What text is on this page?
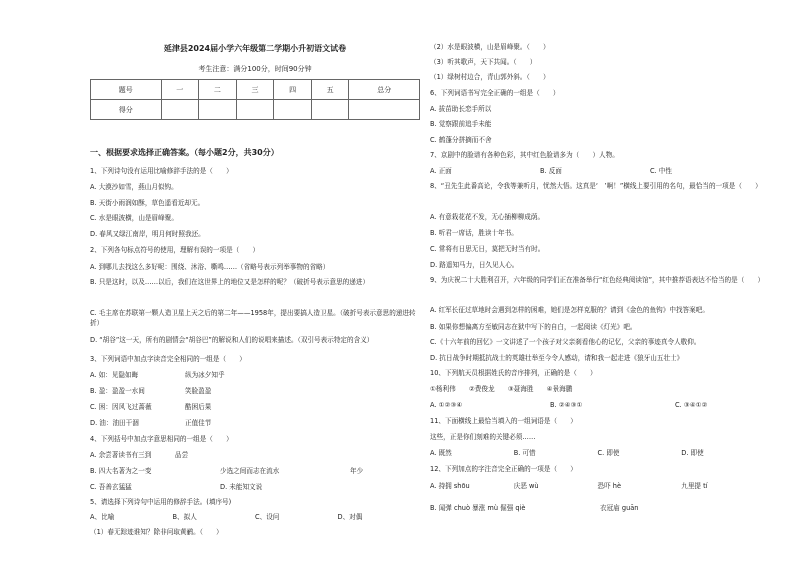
延津县2024届小学六年级第二学期小升初语文试卷
考生注意：满分100分，时间90分钟
题号	一	二	三	四	五	总分
得分						
一、根据要求选择正确答案。（每小题2分，共30分）
1、下列诗句没有运用比喻修辞手法的是（　　）
A. 大漠沙如雪，燕山月似钩。
B. 天街小雨润如酥，草色遥看近却无。
C. 水是眼波横，山是眉峰聚。
D. 春风又绿江南岸，明月何时照我还。
2、下列各句标点符号的使用，理解有误的一项是（　　）
A. 到哪儿去找这么多好呢：围绕、沐浴、嘶鸣……（省略号表示列举事物的省略）
B. 只是这时，以及……以后，我们在这世界上的地位又是怎样的呢？（破折号表示意思的递进）
C. 毛主席在苏联第一颗人造卫星上天之后的第二年——1958年，提出要搞人造卫星。（破折号表示意思的递进转折）
D. “胡谷”这一天，所有的剧情会“胡谷巴”的解说和人们的说唱来描述。（双引号表示特定的含义）
3、下列词语中加点字读音完全相同的一组是（　　）
A. 如：见隐如晦	纵为冰夕知乎
B. 盈：盈盈一水间	笑脸盈盈
C. 困：因风飞过蔷薇	酷困后果
D. 油：油田干涸	正值佳节
4、下列括号中加点字意思相同的一组是（　　）
A. 余尝著读书有三到	品尝
B. 四大名著为之一变	少选之间而志在流水	年少
C. 吾善玄猛猛	D. 未能知文说
5、请选择下列诗句中运用的修辞手法。(填序号)
A、比喻	B、拟人	C、设问	D、对偶
（1）春无踪迹谁知？除非问取黄鹂。（　　）
（2）水是眼波横，山是眉峰聚。（　　）
（3）听其歌声，天下共闻。（　　）
（1）绿树村边合，青山郭外斜。（　　）
6、下列词语书写完全正确的一组是（　　）
A. 拔苗助长恋手所以
B. 觉察跟前追手未能
C. 鹤蓬分拼摘而不舍
7、京剧中的脸谱有各种色彩，其中红色脸谱多为（　　）人物。
A. 正面	B. 反面	C. 中性
8、“丑先生此番高论，令我等兼听月，忧然大悟。这真是‘　’啊！”横线上要引用的名句，最恰当的一项是（　　）
A. 有意栽花花不发，无心插柳柳成荫。
B. 听君一席话，胜读十年书。
C. 常将有日思无日，莫把无时当有时。
D. 路遥知马力，日久见人心。
9、为庆祝二十大胜利召开，六年级的同学们正在准备举行“红色经典阅读馆”，其中推荐语表达不恰当的是（　　）
A. 红军长征过草地时会遇到怎样的困难，她们是怎样克服的？请到《金色的鱼钩》中找答案吧。
B. 如果你想偏离方至敏同志在狱中写下的自白，一起阅读《灯光》吧。
C.《十六年前的回忆》一文讲述了一个孩子对父亲刹看他心的记忆，父亲的事迹真令人敬仰。
D. 抗日战争时期抵抗战士的英雄壮举至今令人感动，请和我一起走进《狼牙山五壮士》
10、下列航天员根据姓氏的音序排列，正确的是（　　）
①杨利伟　　②费俊龙　　③聂海胜　　④景海鹏
A. ①②③④	B. ②④③①	C. ③④①②
11、下面横线上最恰当填入的一组词语是（　　）
这些，正是你们刻难的关键必须……
A. 既然	B. 可惜	C. 即使	D. 即使
12、下列加点的字注音完全正确的一项是（　　）
A. 持拥 shōu	庆恶 wù	恐吓 hè	九里提 tí
B. 闻弹 chuò 暴涨 mù 倔强 qiè	衣冠庙 guān
